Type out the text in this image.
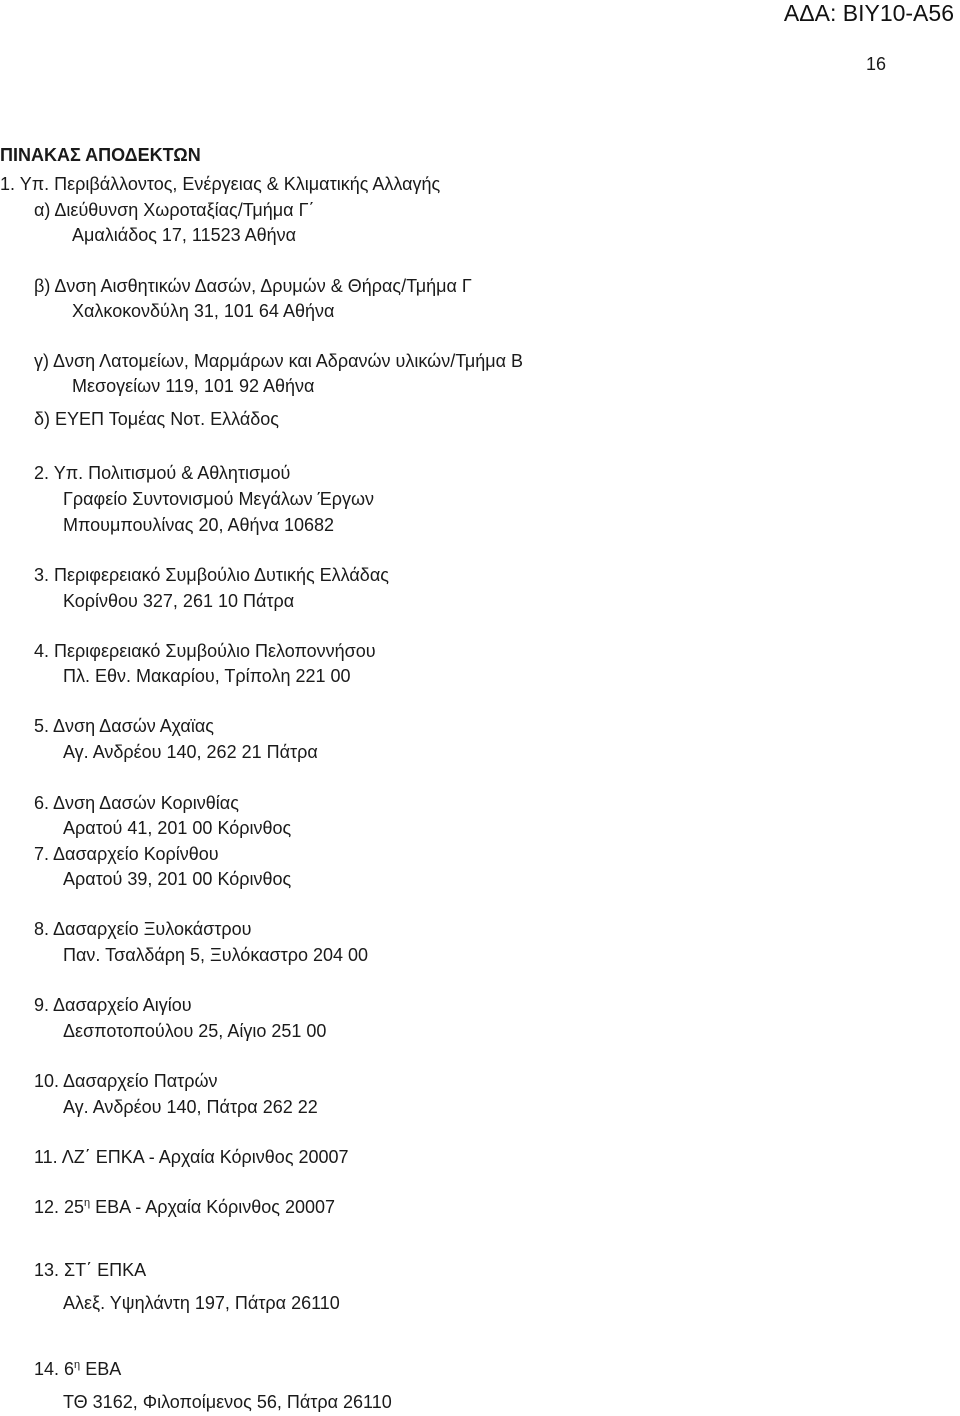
ΑΔΑ: ΒΙΥ10-Α56
16
ΠΙΝΑΚΑΣ ΑΠΟΔΕΚΤΩΝ
1. Υπ. Περιβάλλοντος, Ενέργειας & Κλιματικής Αλλαγής
α) Διεύθυνση Χωροταξίας/Τμήμα Γ΄
Αμαλιάδος 17, 11523 Αθήνα
β) Δνση Αισθητικών Δασών, Δρυμών & Θήρας/Τμήμα Γ
Χαλκοκονδύλη 31, 101 64 Αθήνα
γ) Δνση Λατομείων, Μαρμάρων και Αδρανών υλικών/Τμήμα Β
Μεσογείων 119, 101 92 Αθήνα
δ) ΕΥΕΠ Τομέας Νοτ. Ελλάδος
2. Υπ. Πολιτισμού & Αθλητισμού
Γραφείο Συντονισμού Μεγάλων Έργων
Μπουμπουλίνας 20, Αθήνα 10682
3. Περιφερειακό Συμβούλιο Δυτικής Ελλάδας
Κορίνθου 327, 261 10 Πάτρα
4. Περιφερειακό Συμβούλιο Πελοποννήσου
Πλ. Εθν. Μακαρίου, Τρίπολη 221 00
5. Δνση Δασών Αχαϊας
Αγ. Ανδρέου 140, 262 21 Πάτρα
6. Δνση Δασών Κορινθίας
Αρατού 41, 201 00 Κόρινθος
7. Δασαρχείο Κορίνθου
Αρατού 39, 201 00 Κόρινθος
8. Δασαρχείο Ξυλοκάστρου
Παν. Τσαλδάρη 5, Ξυλόκαστρο 204 00
9. Δασαρχείο Αιγίου
Δεσποτοπούλου 25, Αίγιο 251 00
10. Δασαρχείο Πατρών
Αγ. Ανδρέου 140, Πάτρα 262 22
11. ΛΖ΄ ΕΠΚΑ - Αρχαία Κόρινθος 20007
12. $25^\eta$ ΕΒΑ - Αρχαία Κόρινθος 20007
13. ΣΤ΄ ΕΠΚΑ
Αλεξ. Υψηλάντη 197, Πάτρα 26110
14. $6^\eta$ ΕΒΑ
ΤΘ 3162, Φιλοποίμενος 56, Πάτρα 26110
